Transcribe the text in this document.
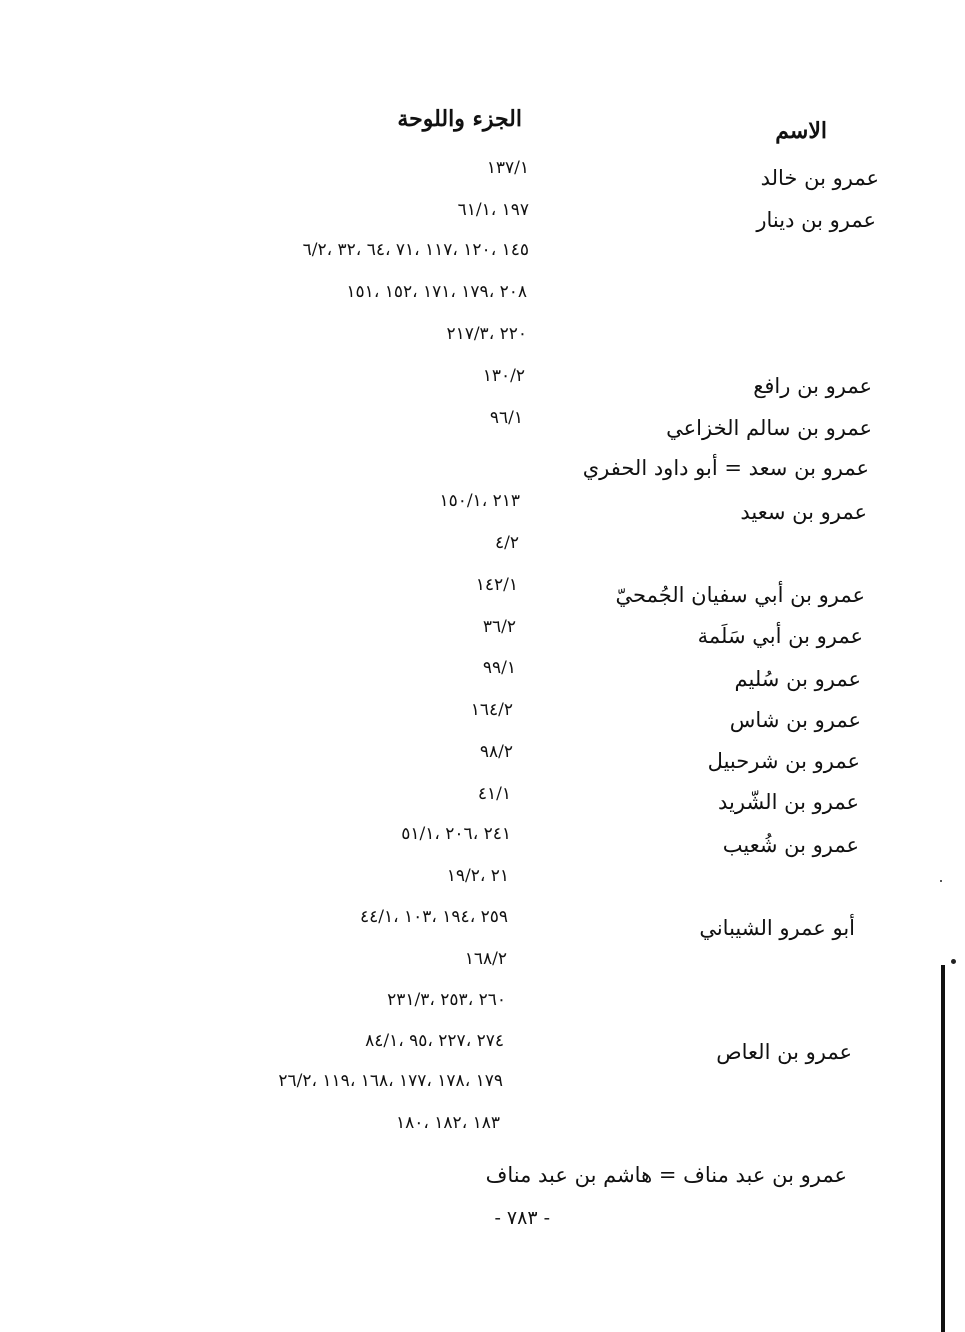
الاسم
الجزء واللوحة
عمرو بن خالد
عمرو بن دينار
عمرو بن رافع
عمرو بن سالم الخزاعي
عمرو بن سعد = أبو داود الحفري
عمرو بن سعيد
عمرو بن أبي سفيان الجُمحيّ
عمرو بن أبي سَلَمة
عمرو بن سُليم
عمرو بن شاس
عمرو بن شرحبيل
عمرو بن الشّريد
عمرو بن شُعيب
أبو عمرو الشيباني
عمرو بن العاص
عمرو بن عبد مناف = هاشم بن عبد مناف
١٣٧/١
١٩٧ ،٦١/١
١٤٥ ،١٢٠ ،١١٧ ،٧١ ،٦٤ ،٣٢ ،٦/٢
٢٠٨ ،١٧٩ ،١٧١ ،١٥٢ ،١٥١
٢٢٠ ،٢١٧/٣
١٣٠/٢
٩٦/١
٢١٣ ،١٥٠/١
٤/٢
١٤٢/١
٣٦/٢
٩٩/١
١٦٤/٢
٩٨/٢
٤١/١
٢٤١ ،٢٠٦ ،٥١/١
٢١ ،١٩/٢
٢٥٩ ،١٩٤ ،١٠٣ ،٤٤/١
١٦٨/٢
٢٦٠ ،٢٥٣ ،٢٣١/٣
٢٧٤ ،٢٢٧ ،٩٥ ،٨٤/١
١٧٩ ،١٧٨ ،١٧٧ ،١٦٨ ،١١٩ ،٢٦/٢
١٨٣ ،١٨٢ ،١٨٠
- ٧٨٣ -
